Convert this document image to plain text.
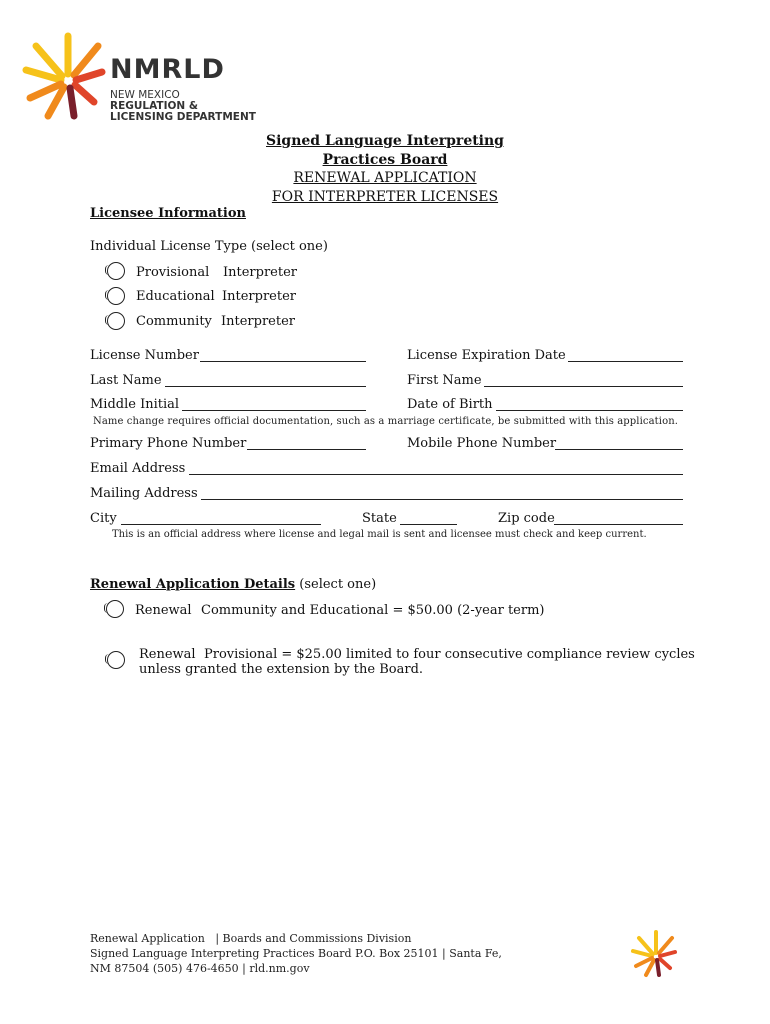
NMRLD
NEW MEXICO
REGULATION &
LICENSING DEPARTMENT
Signed Language Interpreting
Practices Board
RENEWAL APPLICATION
FOR INTERPRETER LICENSES
Licensee Information
Individual License Type (select one)
Provisional Interpreter
Educational Interpreter
Community Interpreter
License Number	License Expiration Date
Last Name	First Name
Middle Initial	Date of Birth
Name change requires official documentation, such as a marriage certificate, be submitted with this application.
Primary Phone Number	Mobile Phone Number
Email Address
Mailing Address
City	State	Zip code
This is an official address where license and legal mail is sent and licensee must check and keep current.
Renewal Application Details (select one)
Renewal Community and Educational = $50.00 (2-year term)
Renewal Provisional = $25.00 limited to four consecutive compliance review cycles
unless granted the extension by the Board.
Renewal Application | Boards and Commissions Division
Signed Language Interpreting Practices Board P.O. Box 25101 | Santa Fe,
NM 87504 (505) 476-4650 | rld.nm.gov
